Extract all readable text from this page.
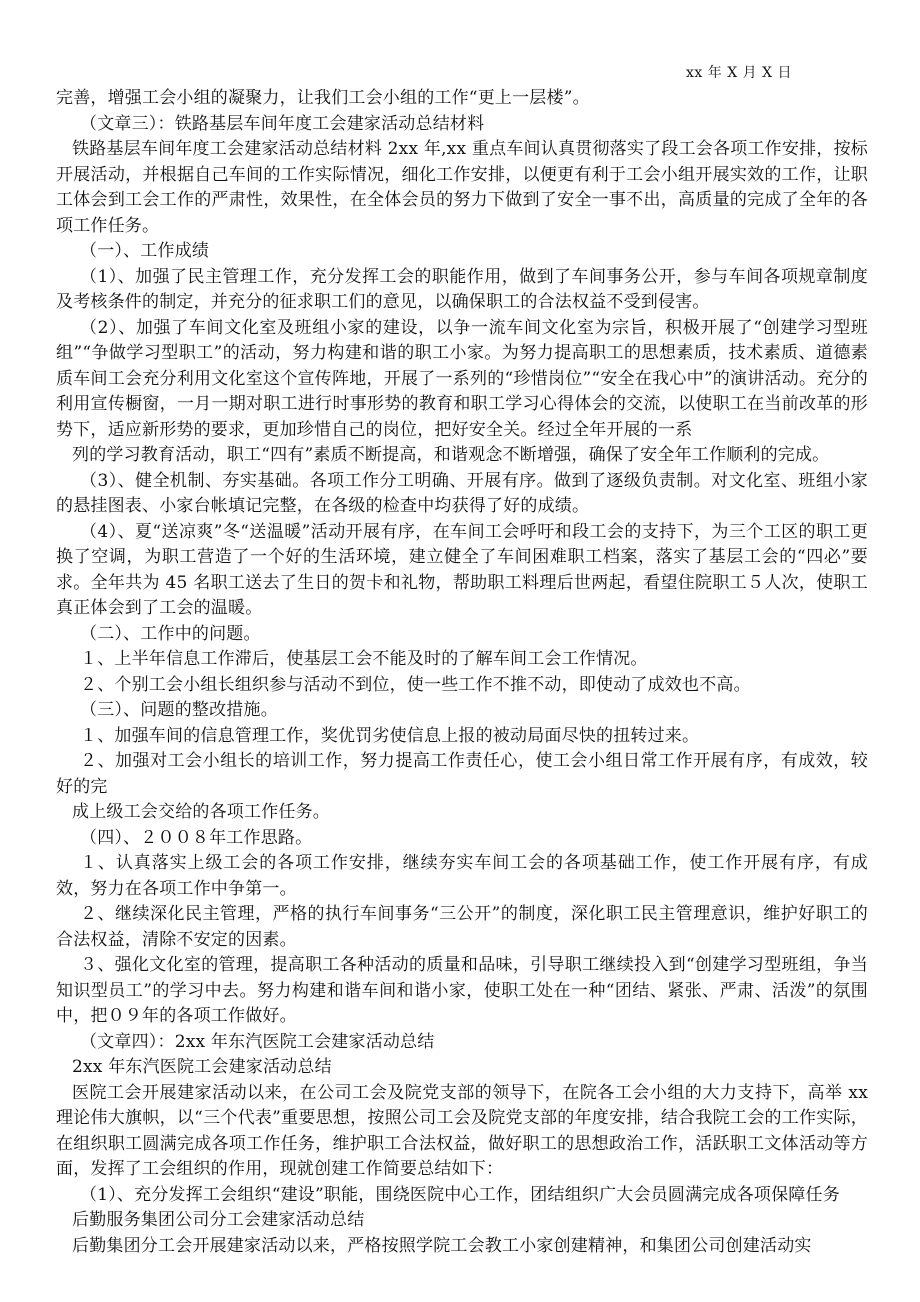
xx 年 X 月 X 日

完善，增强工会小组的凝聚力，让我们工会小组的工作“更上一层楼”。

（文章三）：铁路基层车间年度工会建家活动总结材料

铁路基层车间年度工会建家活动总结材料 2xx 年,xx 重点车间认真贯彻落实了段工会各项工作安排，按标开展活动，并根据自己车间的工作实际情况，细化工作安排，以便更有利于工会小组开展实效的工作，让职工体会到工会工作的严肃性，效果性，在全体会员的努力下做到了安全一事不出，高质量的完成了全年的各项工作任务。

（一）、工作成绩

（1）、加强了民主管理工作，充分发挥工会的职能作用，做到了车间事务公开，参与车间各项规章制度及考核条件的制定，并充分的征求职工们的意见，以确保职工的合法权益不受到侵害。

（2）、加强了车间文化室及班组小家的建设，以争一流车间文化室为宗旨，积极开展了“创建学习型班组”“争做学习型职工”的活动，努力构建和谐的职工小家。为努力提高职工的思想素质，技术素质、道德素质车间工会充分利用文化室这个宣传阵地，开展了一系列的“珍惜岗位”“安全在我心中”的演讲活动。充分的利用宣传橱窗，一月一期对职工进行时事形势的教育和职工学习心得体会的交流，以使职工在当前改革的形势下，适应新形势的要求，更加珍惜自己的岗位，把好安全关。经过全年开展的一系

列的学习教育活动，职工“四有”素质不断提高，和谐观念不断增强，确保了安全年工作顺利的完成。

（3）、健全机制、夯实基础。各项工作分工明确、开展有序。做到了逐级负责制。对文化室、班组小家的悬挂图表、小家台帐填记完整，在各级的检查中均获得了好的成绩。

（4）、夏“送凉爽”冬“送温暖”活动开展有序，在车间工会呼吁和段工会的支持下，为三个工区的职工更换了空调，为职工营造了一个好的生活环境，建立健全了车间困难职工档案，落实了基层工会的“四必”要求。全年共为 45 名职工送去了生日的贺卡和礼物，帮助职工料理后世两起，看望住院职工５人次，使职工真正体会到了工会的温暖。

（二）、工作中的问题。

１、上半年信息工作滞后，使基层工会不能及时的了解车间工会工作情况。

２、个别工会小组长组织参与活动不到位，使一些工作不推不动，即使动了成效也不高。

（三）、问题的整改措施。

１、加强车间的信息管理工作，奖优罚劣使信息上报的被动局面尽快的扭转过来。

２、加强对工会小组长的培训工作，努力提高工作责任心，使工会小组日常工作开展有序，有成效，较好的完

成上级工会交给的各项工作任务。

（四）、２００８年工作思路。

１、认真落实上级工会的各项工作安排，继续夯实车间工会的各项基础工作，使工作开展有序，有成效，努力在各项工作中争第一。

２、继续深化民主管理，严格的执行车间事务“三公开”的制度，深化职工民主管理意识，维护好职工的合法权益，清除不安定的因素。

３、强化文化室的管理，提高职工各种活动的质量和品味，引导职工继续投入到“创建学习型班组，争当知识型员工”的学习中去。努力构建和谐车间和谐小家，使职工处在一种“团结、紧张、严肃、活泼”的氛围中，把０９年的各项工作做好。

（文章四）：2xx 年东汽医院工会建家活动总结

2xx 年东汽医院工会建家活动总结

医院工会开展建家活动以来，在公司工会及院党支部的领导下，在院各工会小组的大力支持下，高举 xx 理论伟大旗帜，以“三个代表”重要思想，按照公司工会及院党支部的年度安排，结合我院工会的工作实际，在组织职工圆满完成各项工作任务，维护职工合法权益，做好职工的思想政治工作，活跃职工文体活动等方面，发挥了工会组织的作用，现就创建工作简要总结如下：

（1）、充分发挥工会组织“建设”职能，围绕医院中心工作，团结组织广大会员圆满完成各项保障任务

后勤服务集团公司分工会建家活动总结

后勤集团分工会开展建家活动以来，严格按照学院工会教工小家创建精神，和集团公司创建活动实
